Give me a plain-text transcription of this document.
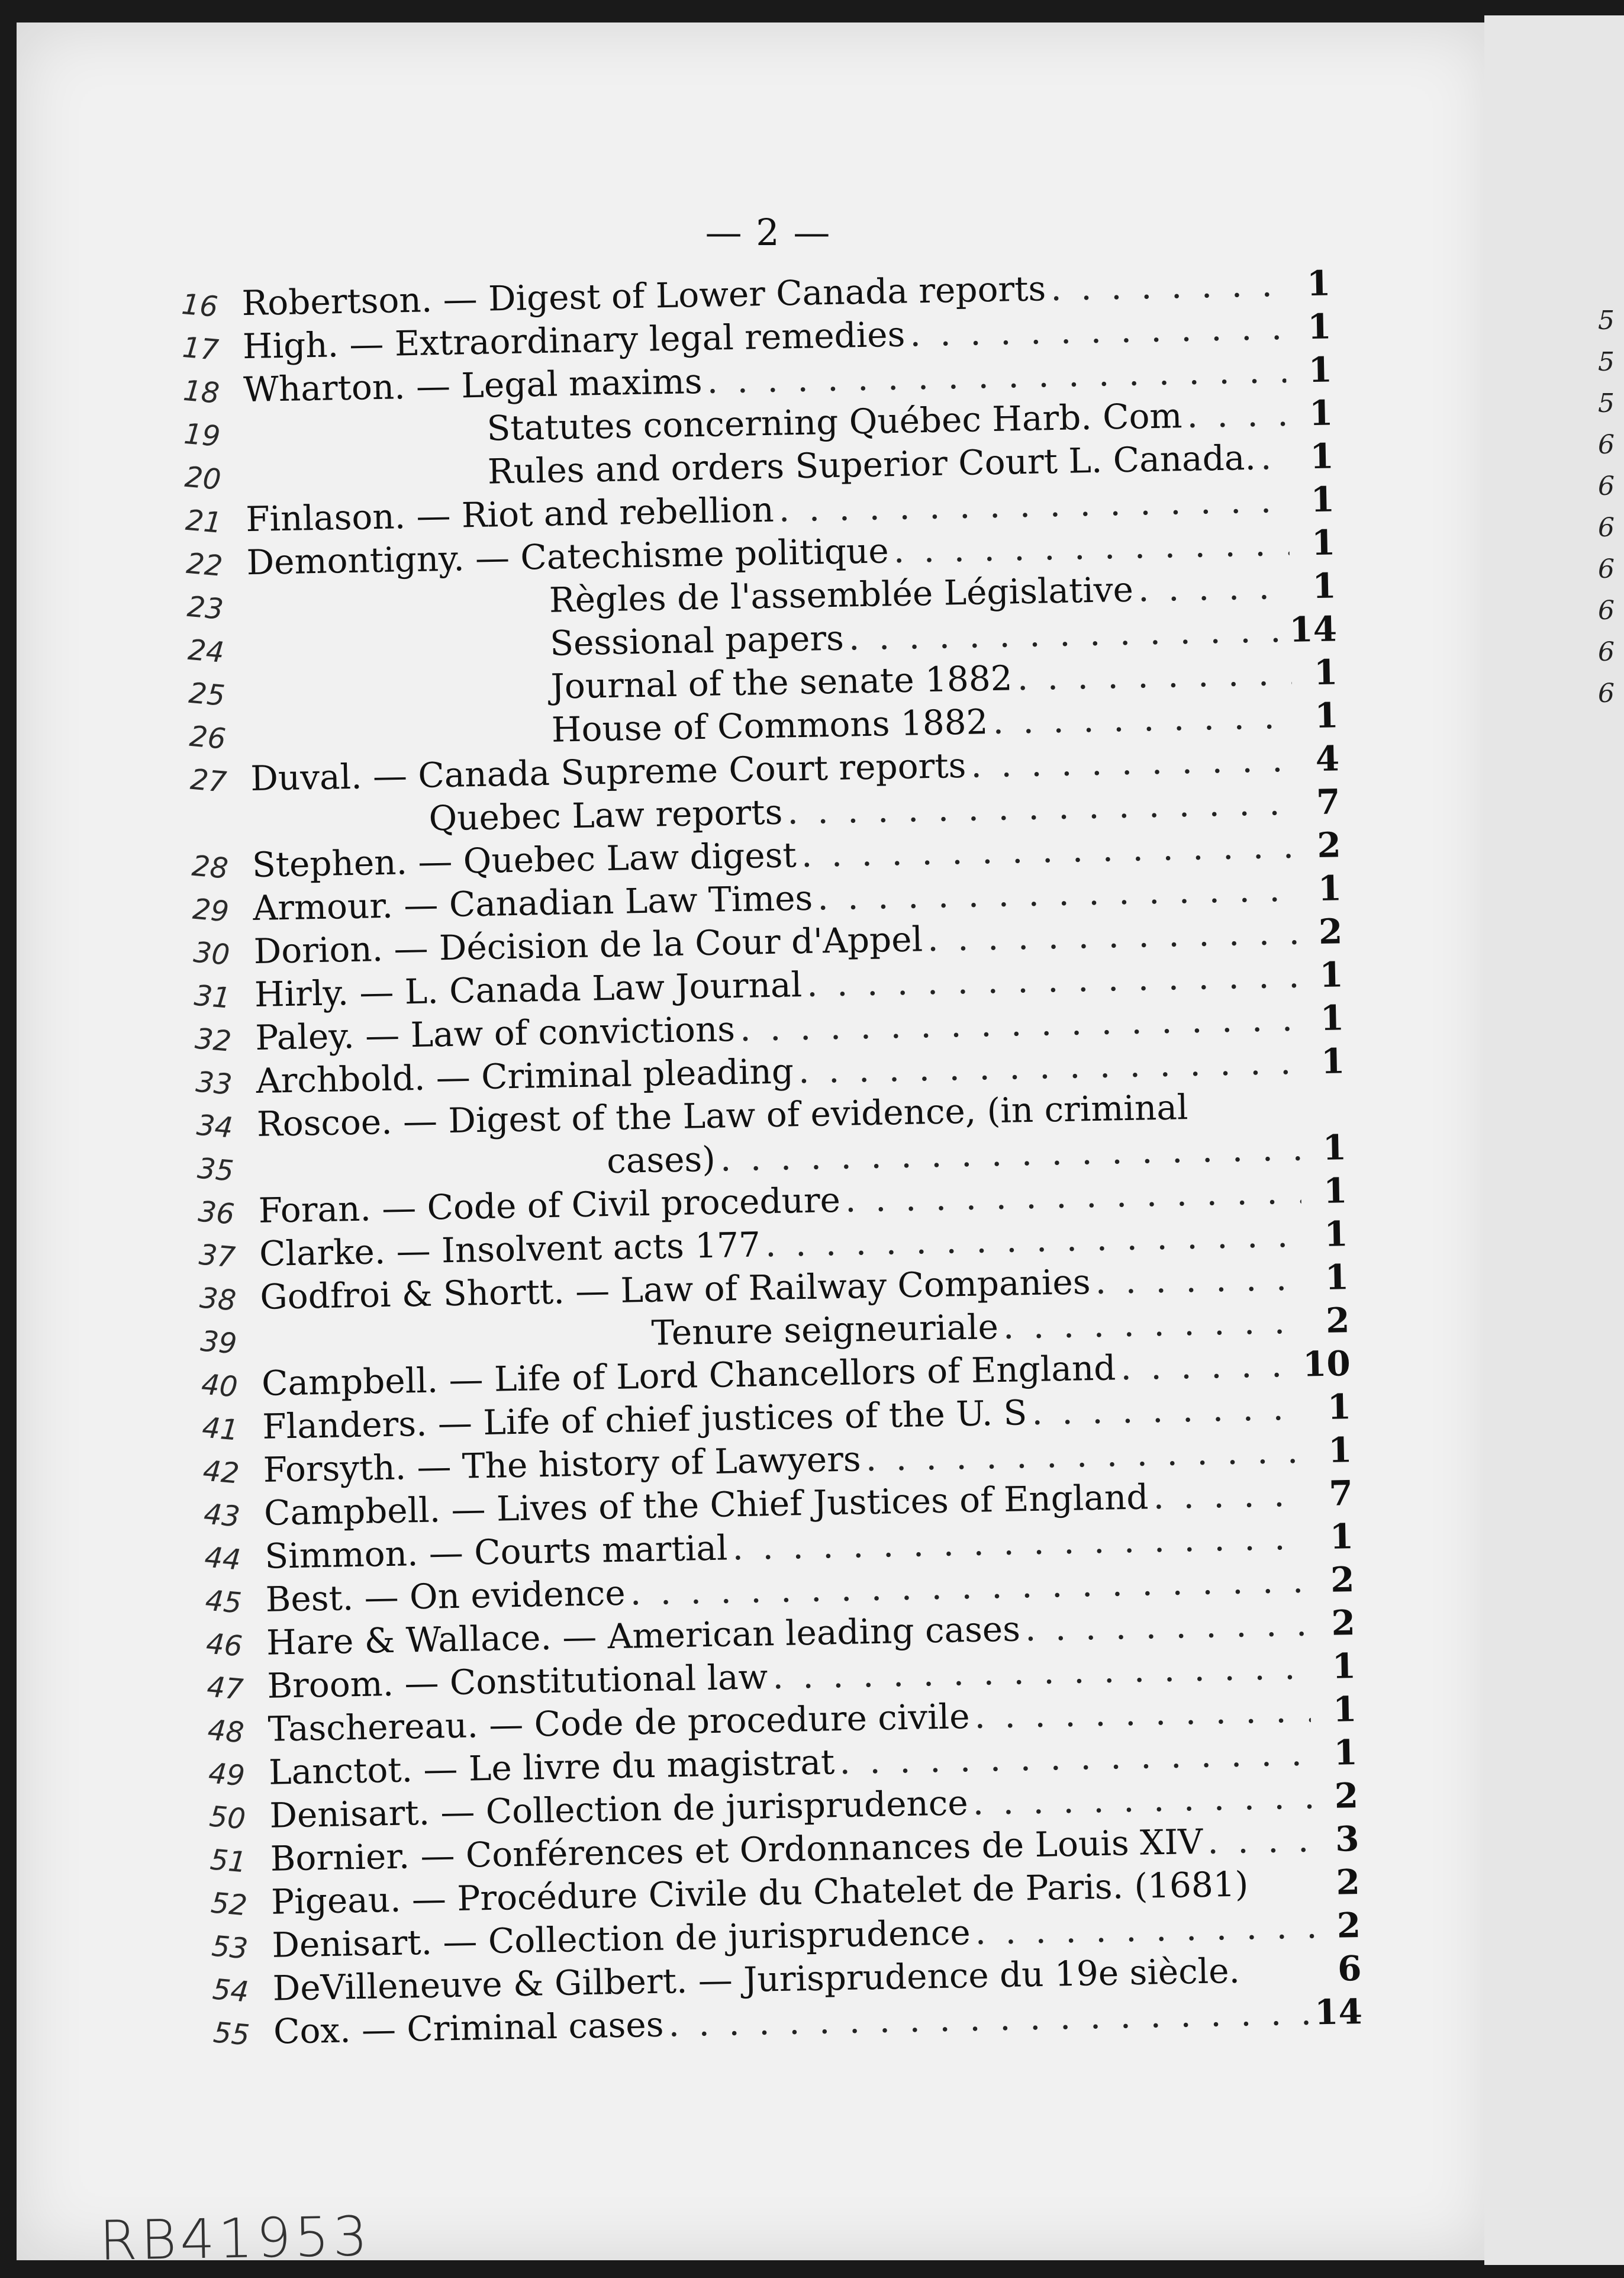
— 2 —
16 Robertson. — Digest of Lower Canada reports . . .	1
17 High. — Extraordinary legal remedies . . .	1
18 Wharton. — Legal maxims . . .	1
19	Statutes concerning Québec Harb. Com . . .	1
20	Rules and orders Superior Court L. Canada. . . .	1
21 Finlason. — Riot and rebellion . . .	1
22 Demontigny. — Catechisme politique . . .	1
23	Règles de l'assemblée Législative . . .	1
24	Sessional papers . . .	14
25	Journal of the senate 1882 . . .	1
26	House of Commons 1882 . . .	1
27 Duval. — Canada Supreme Court reports . . .	4
Quebec Law reports . . .	7
28 Stephen. — Quebec Law digest . . .	2
29 Armour. — Canadian Law Times . . .	1
30 Dorion. — Décision de la Cour d'Appel . . .	2
31 Hirly. — L. Canada Law Journal . . .	1
32 Paley. — Law of convictions . . .	1
33 Archbold. — Criminal pleading . . .	1
34 Roscoe. — Digest of the Law of evidence, (in criminal
35	cases) . . .	1
36 Foran. — Code of Civil procedure . . .	1
37 Clarke. — Insolvent acts 177 . . .	1
38 Godfroi & Shortt. — Law of Railway Companies . . .	1
39	Tenure seigneuriale . . .	2
40 Campbell. — Life of Lord Chancellors of England . . .	10
41 Flanders. — Life of chief justices of the U. S . . .	1
42 Forsyth. — The history of Lawyers . . .	1
43 Campbell. — Lives of the Chief Justices of England . . .	7
44 Simmon. — Courts martial . . .	1
45 Best. — On evidence . . .	2
46 Hare & Wallace. — American leading cases . . .	2
47 Broom. — Constitutional law . . .	1
48 Taschereau. — Code de procedure civile . . .	1
49 Lanctot. — Le livre du magistrat . . .	1
50 Denisart. — Collection de jurisprudence . . .	2
51 Bornier. — Conférences et Ordonnances de Louis XIV . . .	3
52 Pigeau. — Procédure Civile du Chatelet de Paris. (1681)	2
53 Denisart. — Collection de jurisprudence . . .	2
54 DeVilleneuve & Gilbert. — Jurisprudence du 19e siècle.	6
55 Cox. — Criminal cases . . .	14
RB41953
5
5
5
6
6
6
6
6
6
6
